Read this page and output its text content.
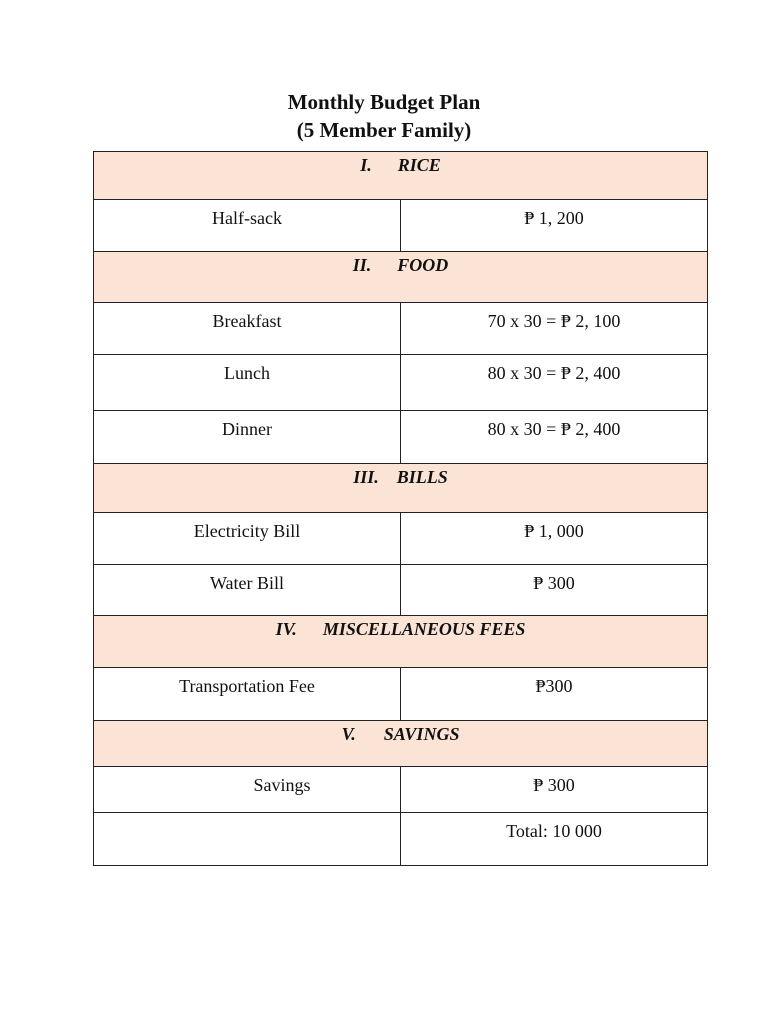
Monthly Budget Plan
(5 Member Family)
I. RICE	
Half-sack	₱ 1, 200
II. FOOD	
Breakfast	70 x 30 = ₱ 2, 100
Lunch	80 x 30 = ₱ 2, 400
Dinner	80 x 30 = ₱ 2, 400
III. BILLS	
Electricity Bill	₱ 1, 000
Water Bill	₱ 300
IV. MISCELLANEOUS FEES	
Transportation Fee	₱300
V. SAVINGS	
Savings	₱ 300
	Total: 10 000
